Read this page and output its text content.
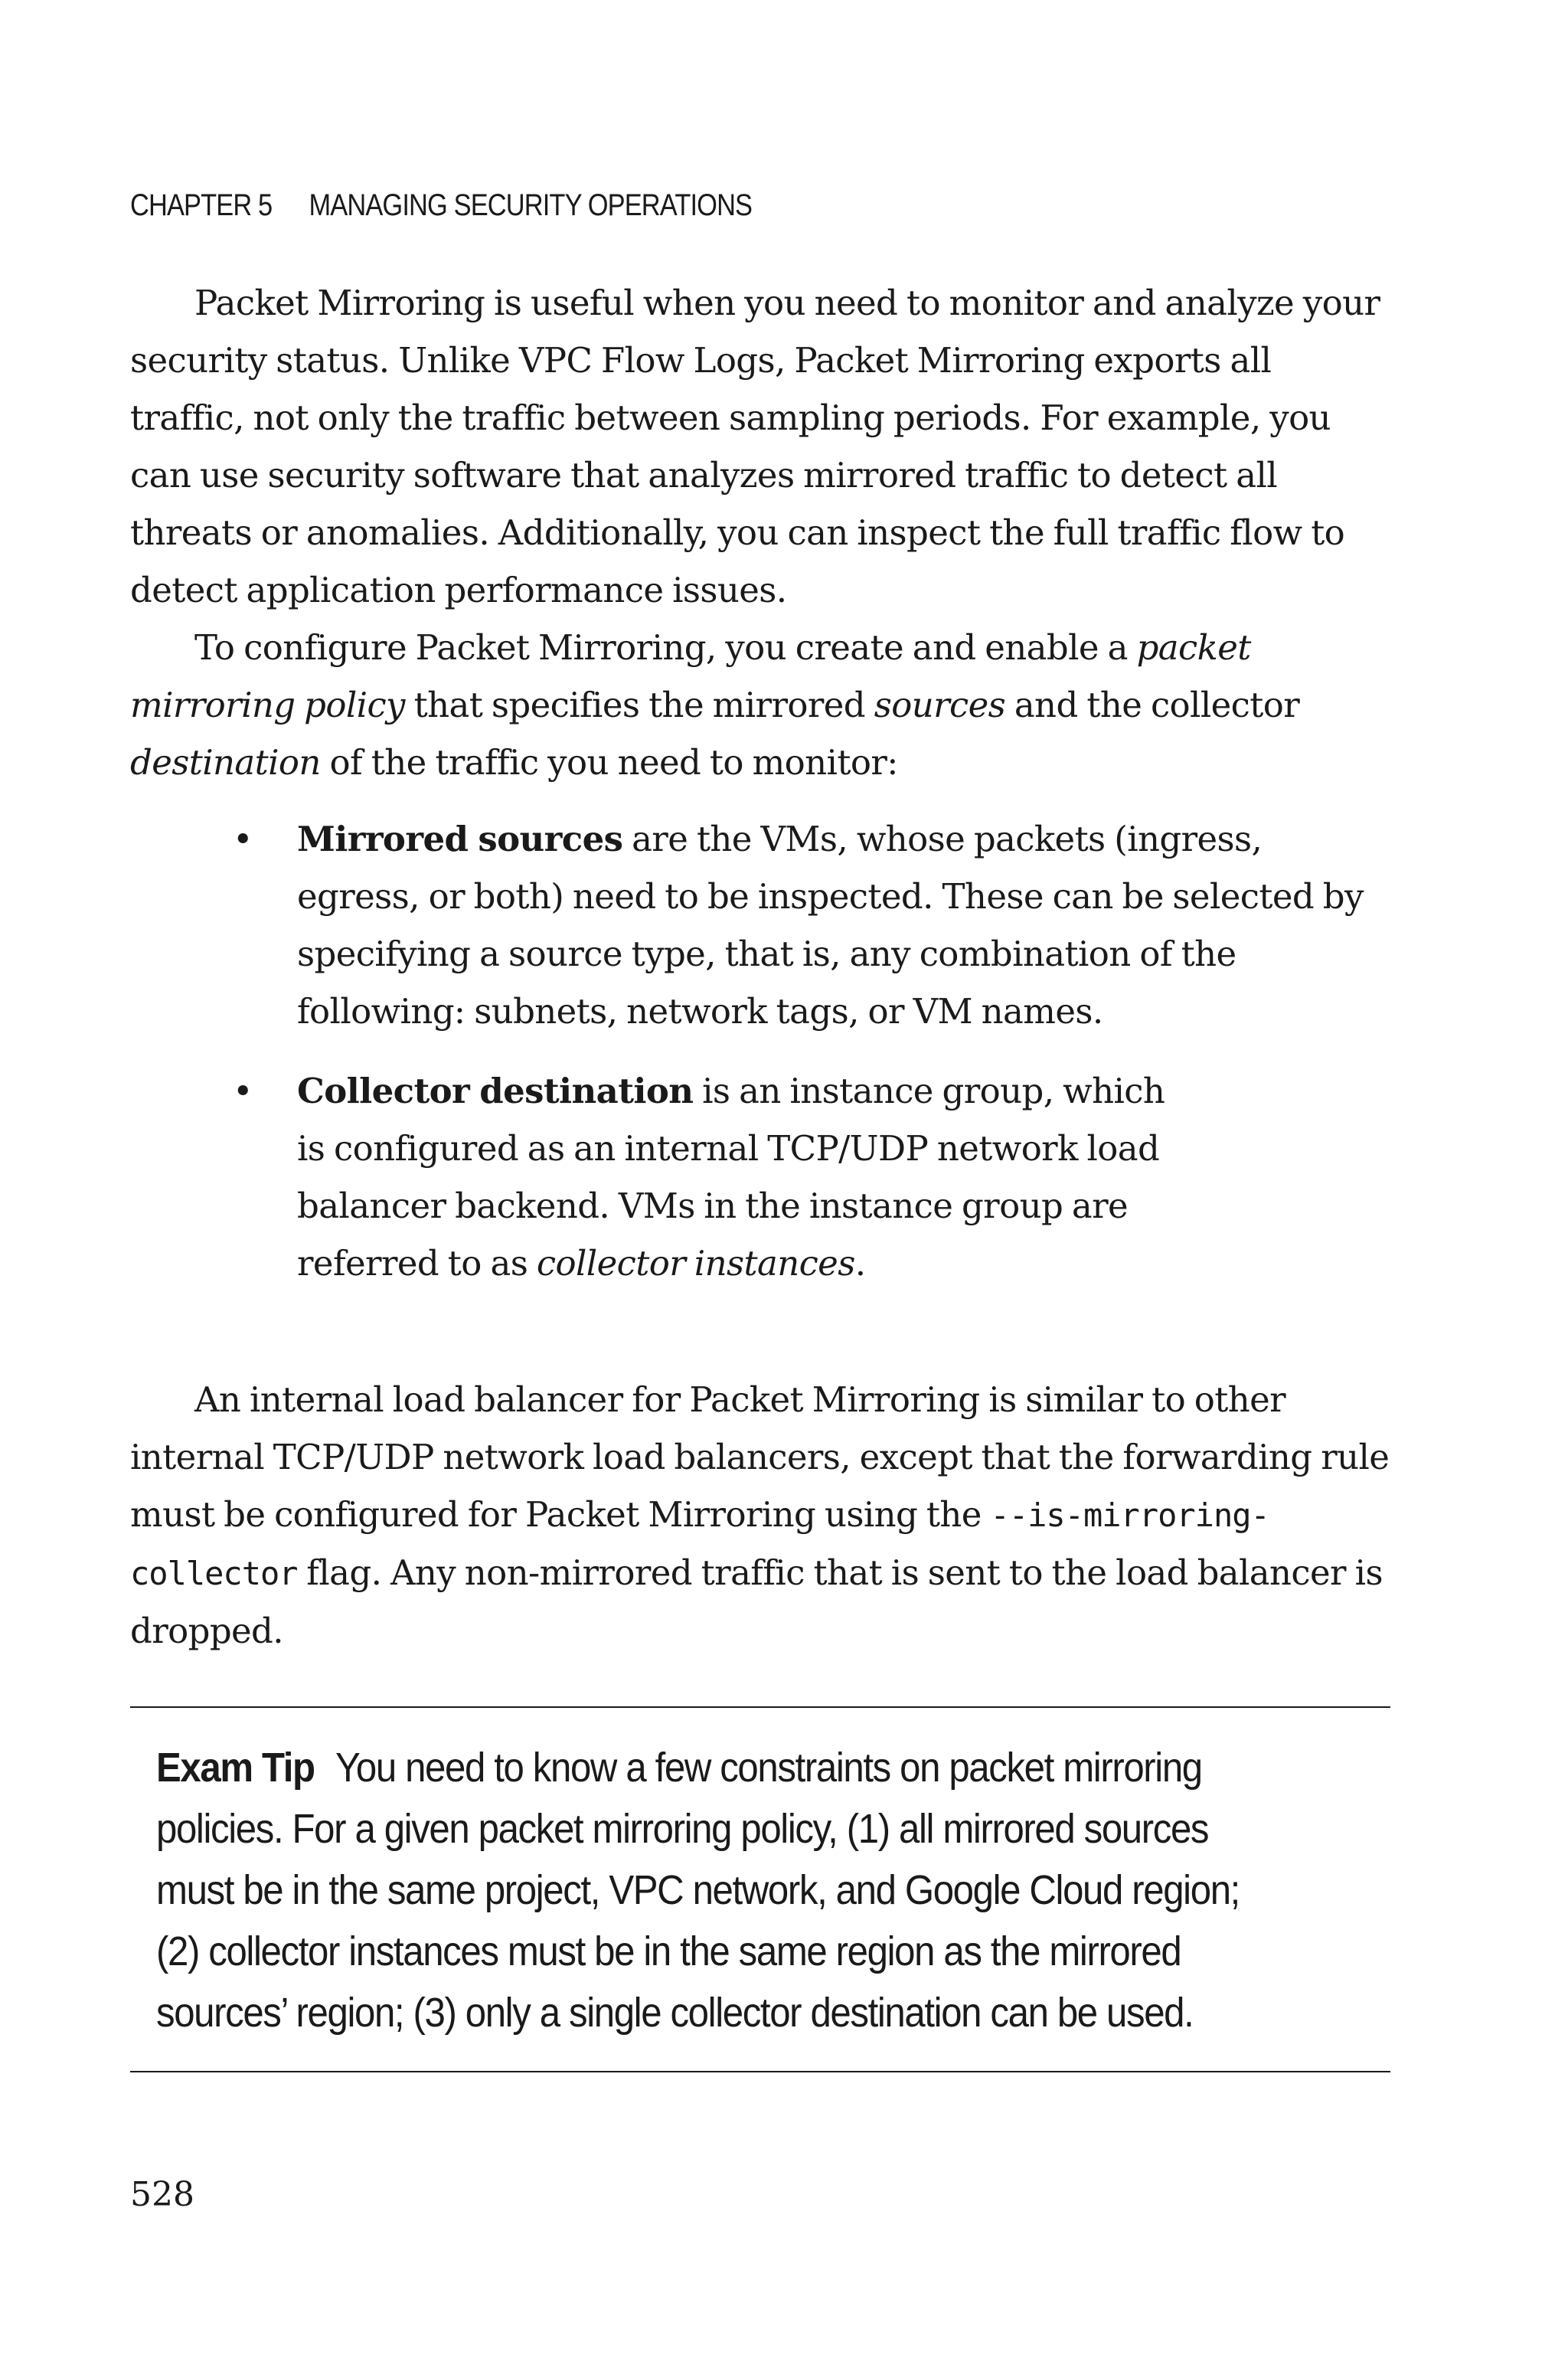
CHAPTER 5 MANAGING SECURITY OPERATIONS

Packet Mirroring is useful when you need to monitor and analyze your security status. Unlike VPC Flow Logs, Packet Mirroring exports all traffic, not only the traffic between sampling periods. For example, you can use security software that analyzes mirrored traffic to detect all threats or anomalies. Additionally, you can inspect the full traffic flow to detect application performance issues.

To configure Packet Mirroring, you create and enable a packet mirroring policy that specifies the mirrored sources and the collector destination of the traffic you need to monitor:

• Mirrored sources are the VMs, whose packets (ingress, egress, or both) need to be inspected. These can be selected by specifying a source type, that is, any combination of the following: subnets, network tags, or VM names.
• Collector destination is an instance group, which is configured as an internal TCP/UDP network load balancer backend. VMs in the instance group are referred to as collector instances.

An internal load balancer for Packet Mirroring is similar to other internal TCP/UDP network load balancers, except that the forwarding rule must be configured for Packet Mirroring using the --is-mirroring-collector flag. Any non-mirrored traffic that is sent to the load balancer is dropped.

Exam Tip You need to know a few constraints on packet mirroring policies. For a given packet mirroring policy, (1) all mirrored sources must be in the same project, VPC network, and Google Cloud region; (2) collector instances must be in the same region as the mirrored sources’ region; (3) only a single collector destination can be used.
528
